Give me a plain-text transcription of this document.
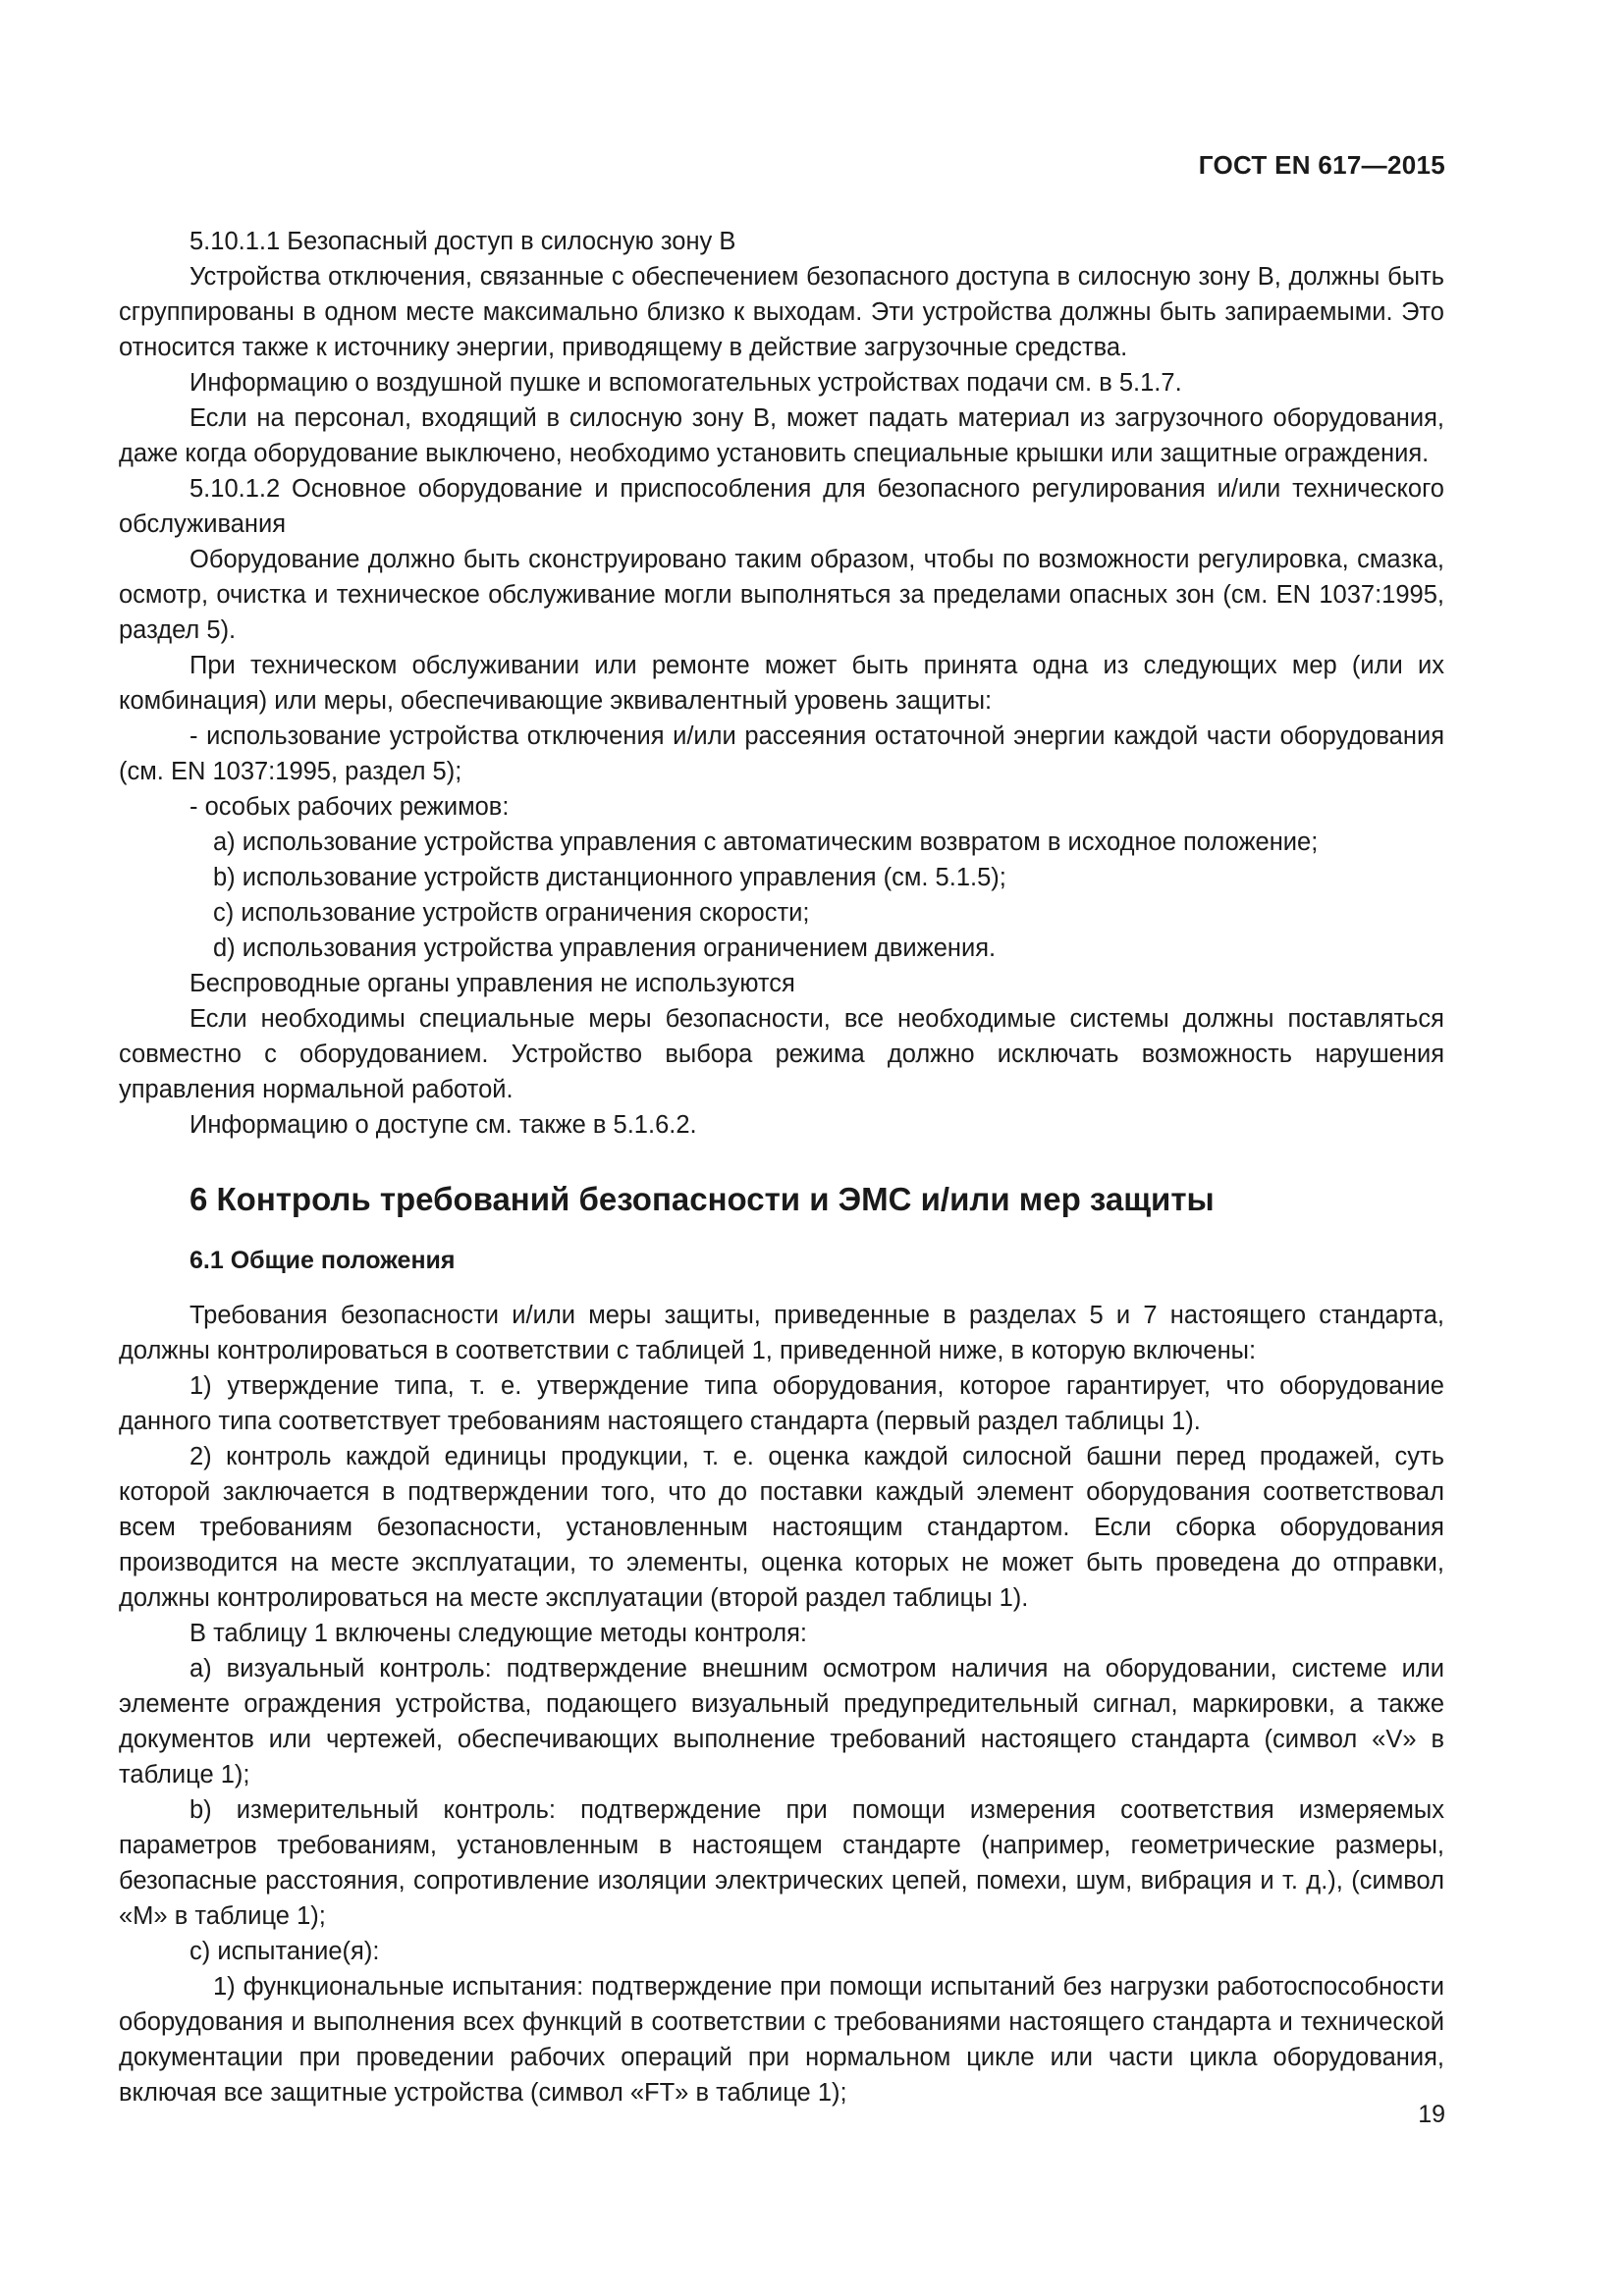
ГОСТ EN 617—2015

5.10.1.1 Безопасный доступ в силосную зону В

Устройства отключения, связанные с обеспечением безопасного доступа в силосную зону В, должны быть сгруппированы в одном месте максимально близко к выходам. Эти устройства должны быть запираемыми. Это относится также к источнику энергии, приводящему в действие загрузочные средства.

Информацию о воздушной пушке и вспомогательных устройствах подачи см. в 5.1.7.

Если на персонал, входящий в силосную зону В, может падать материал из загрузочного оборудования, даже когда оборудование выключено, необходимо установить специальные крышки или защитные ограждения.

5.10.1.2 Основное оборудование и приспособления для безопасного регулирования и/или технического обслуживания

Оборудование должно быть сконструировано таким образом, чтобы по возможности регулировка, смазка, осмотр, очистка и техническое обслуживание могли выполняться за пределами опасных зон (см. EN 1037:1995, раздел 5).

При техническом обслуживании или ремонте может быть принята одна из следующих мер (или их комбинация) или меры, обеспечивающие эквивалентный уровень защиты:

- использование устройства отключения и/или рассеяния остаточной энергии каждой части оборудования (см. EN 1037:1995, раздел 5);

- особых рабочих режимов:

a) использование устройства управления с автоматическим возвратом в исходное положение;

b) использование устройств дистанционного управления (см. 5.1.5);

c) использование устройств ограничения скорости;

d) использования устройства управления ограничением движения.

Беспроводные органы управления не используются

Если необходимы специальные меры безопасности, все необходимые системы должны поставляться совместно с оборудованием. Устройство выбора режима должно исключать возможность нарушения управления нормальной работой.

Информацию о доступе см. также в 5.1.6.2.

6 Контроль требований безопасности и ЭМС и/или мер защиты
6.1 Общие положения

Требования безопасности и/или меры защиты, приведенные в разделах 5 и 7 настоящего стандарта, должны контролироваться в соответствии с таблицей 1, приведенной ниже, в которую включены:

1) утверждение типа, т. е. утверждение типа оборудования, которое гарантирует, что оборудование данного типа соответствует требованиям настоящего стандарта (первый раздел таблицы 1).

2) контроль каждой единицы продукции, т. е. оценка каждой силосной башни перед продажей, суть которой заключается в подтверждении того, что до поставки каждый элемент оборудования соответствовал всем требованиям безопасности, установленным настоящим стандартом. Если сборка оборудования производится на месте эксплуатации, то элементы, оценка которых не может быть проведена до отправки, должны контролироваться на месте эксплуатации (второй раздел таблицы 1).

В таблицу 1 включены следующие методы контроля:

a) визуальный контроль: подтверждение внешним осмотром наличия на оборудовании, системе или элементе ограждения устройства, подающего визуальный предупредительный сигнал, маркировки, а также документов или чертежей, обеспечивающих выполнение требований настоящего стандарта (символ «V» в таблице 1);

b) измерительный контроль: подтверждение при помощи измерения соответствия измеряемых параметров требованиям, установленным в настоящем стандарте (например, геометрические размеры, безопасные расстояния, сопротивление изоляции электрических цепей, помехи, шум, вибрация и т. д.), (символ «М» в таблице 1);

c) испытание(я):

1) функциональные испытания: подтверждение при помощи испытаний без нагрузки работоспособности оборудования и выполнения всех функций в соответствии с требованиями настоящего стандарта и технической документации при проведении рабочих операций при нормальном цикле или части цикла оборудования, включая все защитные устройства (символ «FT» в таблице 1);

19
